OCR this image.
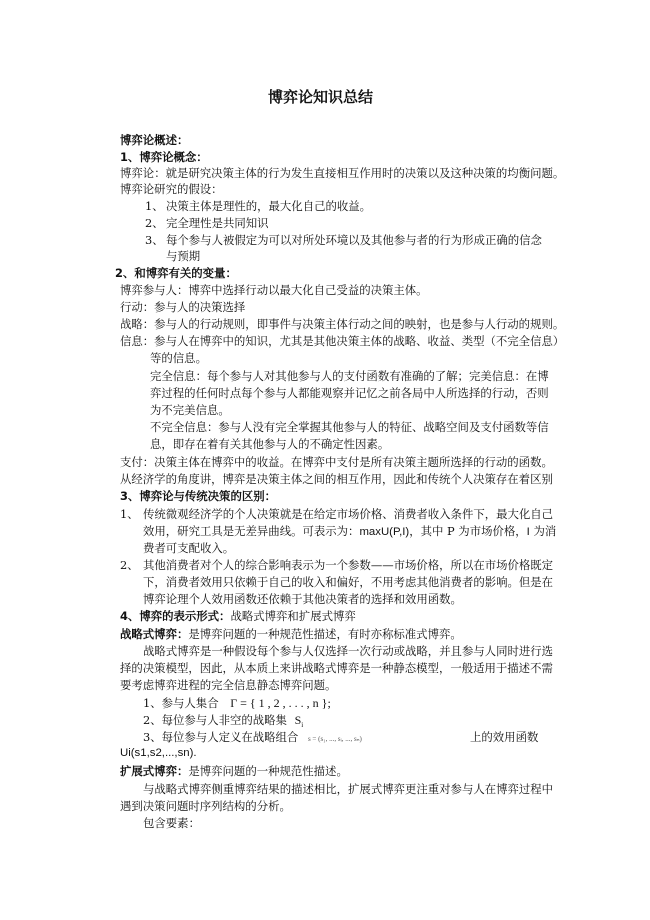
博弈论知识总结
博弈论概述：
1、博弈论概念：
博弈论：就是研究决策主体的行为发生直接相互作用时的决策以及这种决策的均衡问题。
博弈论研究的假设：
1、 决策主体是理性的，最大化自己的收益。
2、 完全理性是共同知识
3、 每个参与人被假定为可以对所处环境以及其他参与者的行为形成正确的信念
与预期
2、和博弈有关的变量：
博弈参与人：博弈中选择行动以最大化自己受益的决策主体。
行动：参与人的决策选择
战略：参与人的行动规则，即事件与决策主体行动之间的映射，也是参与人行动的规则。
信息：参与人在博弈中的知识，尤其是其他决策主体的战略、收益、类型（不完全信息）
等的信息。
完全信息：每个参与人对其他参与人的支付函数有准确的了解；完美信息：在博
弈过程的任何时点每个参与人都能观察并记忆之前各局中人所选择的行动，否则
为不完美信息。
不完全信息：参与人没有完全掌握其他参与人的特征、战略空间及支付函数等信
息，即存在着有关其他参与人的不确定性因素。
支付：决策主体在博弈中的收益。在博弈中支付是所有决策主题所选择的行动的函数。
从经济学的角度讲，博弈是决策主体之间的相互作用，因此和传统个人决策存在着区别
3、博弈论与传统决策的区别：
1、 传统微观经济学的个人决策就是在给定市场价格、消费者收入条件下，最大化自己
效用，研究工具是无差异曲线。可表示为：maxU(P,I)，其中 P 为市场价格，I 为消
费者可支配收入。
2、 其他消费者对个人的综合影响表示为一个参数——市场价格，所以在市场价格既定
下，消费者效用只依赖于自己的收入和偏好，不用考虑其他消费者的影响。但是在
博弈论理个人效用函数还依赖于其他决策者的选择和效用函数。
4、博弈的表示形式：战略式博弈和扩展式博弈
战略式博弈：是博弈问题的一种规范性描述，有时亦称标准式博弈。
战略式博弈是一种假设每个参与人仅选择一次行动或战略，并且参与人同时进行选
择的决策模型，因此，从本质上来讲战略式博弈是一种静态模型，一般适用于描述不需
要考虑博弈进程的完全信息静态博弈问题。
1、参与人集合 Γ = { 1 , 2 , . . . , n };
2、每位参与人非空的战略集 $S_i$
3、每位参与人定义在战略组合 s = (s₁, ..., sᵢ, ..., sₙ)	上的效用函数
Ui(s1,s2,...,sn).
扩展式博弈：是博弈问题的一种规范性描述。
与战略式博弈侧重博弈结果的描述相比，扩展式博弈更注重对参与人在博弈过程中
遇到决策问题时序列结构的分析。
包含要素：
